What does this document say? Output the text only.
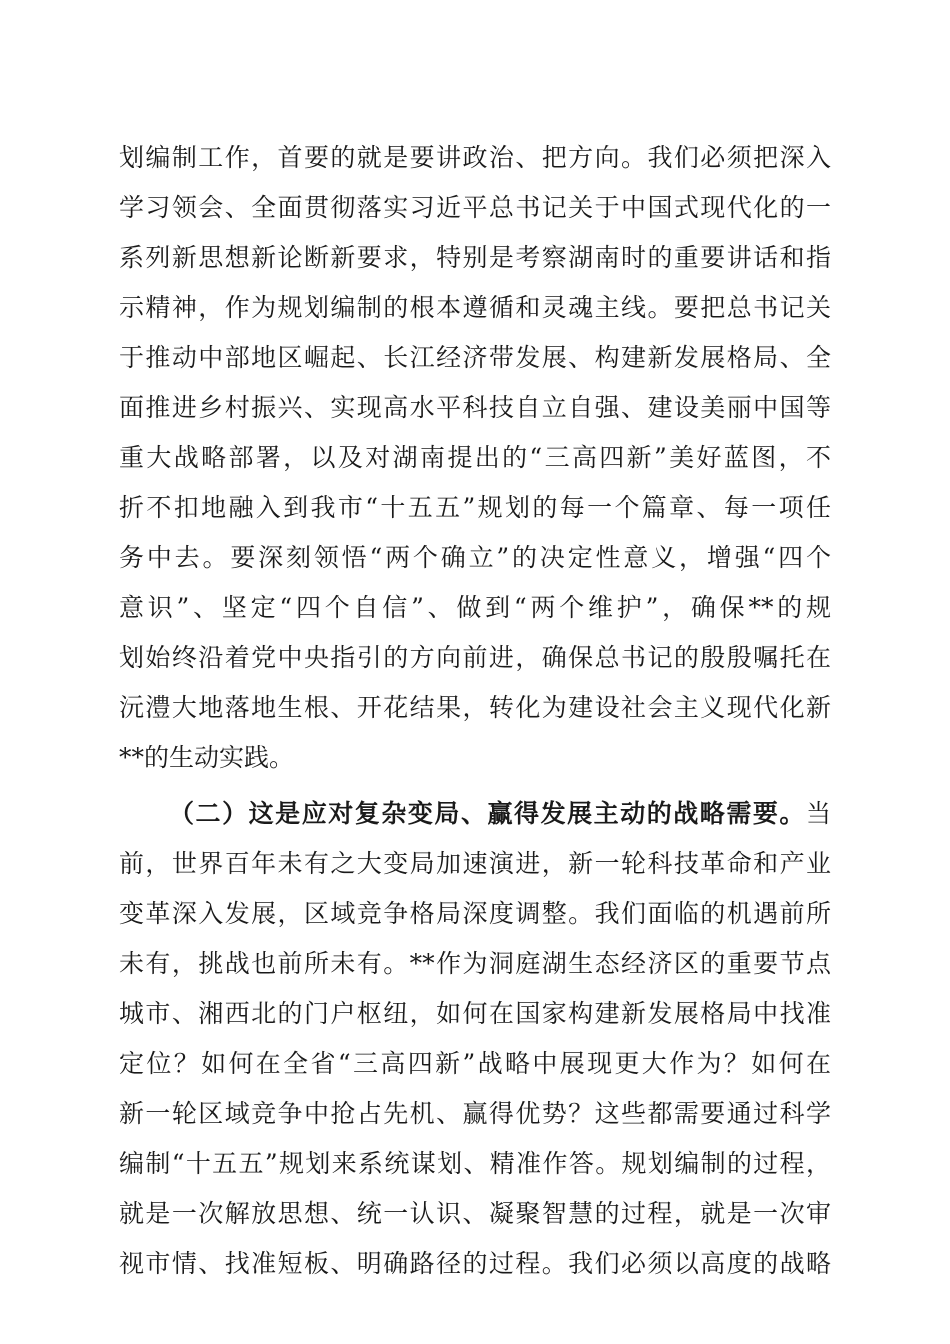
划编制工作，首要的就是要讲政治、把方向。我们必须把深入
学习领会、全面贯彻落实习近平总书记关于中国式现代化的一
系列新思想新论断新要求，特别是考察湖南时的重要讲话和指
示精神，作为规划编制的根本遵循和灵魂主线。要把总书记关
于推动中部地区崛起、长江经济带发展、构建新发展格局、全
面推进乡村振兴、实现高水平科技自立自强、建设美丽中国等
重大战略部署，以及对湖南提出的“三高四新”美好蓝图，不
折不扣地融入到我市“十五五”规划的每一个篇章、每一项任
务中去。要深刻领悟“两个确立”的决定性意义，增强“四个
意识”、坚定“四个自信”、做到“两个维护”，确保**的规
划始终沿着党中央指引的方向前进，确保总书记的殷殷嘱托在
沅澧大地落地生根、开花结果，转化为建设社会主义现代化新
**的生动实践。
（二）这是应对复杂变局、赢得发展主动的战略需要。当
前，世界百年未有之大变局加速演进，新一轮科技革命和产业
变革深入发展，区域竞争格局深度调整。我们面临的机遇前所
未有，挑战也前所未有。**作为洞庭湖生态经济区的重要节点
城市、湘西北的门户枢纽，如何在国家构建新发展格局中找准
定位？如何在全省“三高四新”战略中展现更大作为？如何在
新一轮区域竞争中抢占先机、赢得优势？这些都需要通过科学
编制“十五五”规划来系统谋划、精准作答。规划编制的过程，
就是一次解放思想、统一认识、凝聚智慧的过程，就是一次审
视市情、找准短板、明确路径的过程。我们必须以高度的战略
